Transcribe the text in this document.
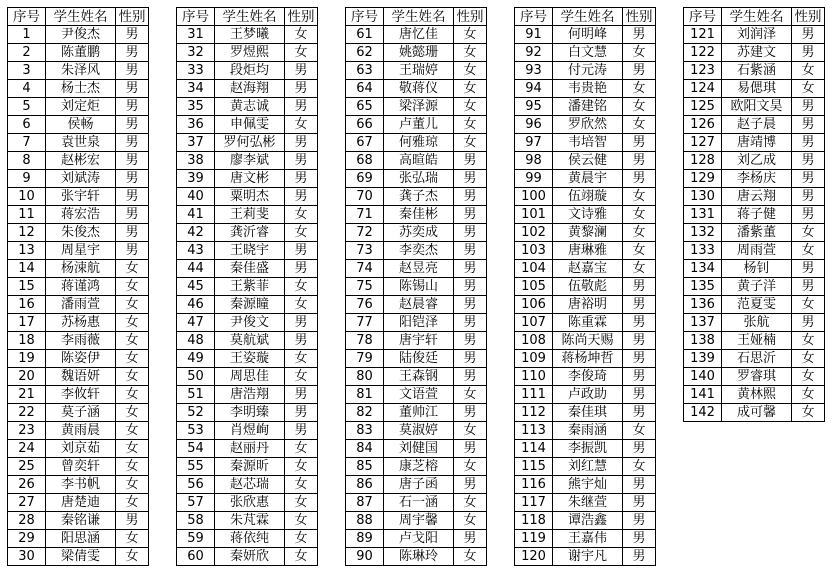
序号	学生姓名	性别
1	尹俊杰	男
2	陈董鹏	男
3	朱泽风	男
4	杨士杰	男
5	刘定炬	男
6	侯畅	男
7	袁世泉	男
8	赵彬宏	男
9	刘斌涛	男
10	张宇轩	男
11	蒋宏浩	男
12	朱俊杰	男
13	周星宇	男
14	杨涑航	女
15	蒋谨鸿	女
16	潘雨萱	女
17	苏杨惠	女
18	李雨薇	女
19	陈姿伊	女
20	魏语妍	女
21	李攸轩	女
22	莫子涵	女
23	黄雨晨	女
24	刘京茹	女
25	曾奕轩	女
26	李书帆	女
27	唐楚迪	女
28	秦铭谦	男
29	阳思涵	女
30	梁倩雯	女
序号	学生姓名	性别
31	王梦曦	女
32	罗煜熙	女
33	段炬均	男
34	赵海翔	男
35	黄志诚	男
36	申佩雯	女
37	罗何弘彬	男
38	廖李斌	男
39	唐文彬	男
40	粟明杰	男
41	王莉斐	女
42	龚沂睿	女
43	王晓宇	男
44	秦佳盛	男
45	王紫菲	女
46	秦源瞳	女
47	尹俊文	男
48	莫航斌	男
49	王姿璇	女
50	周思佳	女
51	唐浩翔	男
52	李明臻	男
53	肖煜峋	男
54	赵丽丹	女
55	秦源昕	女
56	赵芯瑞	女
57	张欣惠	女
58	朱芃霖	女
59	蒋依纯	女
60	秦妍欣	女
序号	学生姓名	性别
61	唐忆佳	女
62	姚懿珊	女
63	王瑞婷	女
64	敬蒋仪	女
65	梁泽源	女
66	卢董儿	女
67	何雅琼	女
68	高暄皓	男
69	张弘瑞	男
70	龚子杰	男
71	秦佳彬	男
72	苏奕成	男
73	李奕杰	男
74	赵昱亮	男
75	陈锡山	男
76	赵晨睿	男
77	阳铠泽	男
78	唐宇轩	男
79	陆俊廷	男
80	王森钢	男
81	文语萱	女
82	董帅江	男
83	莫淑婷	女
84	刘健国	男
85	康芝榕	女
86	唐子函	男
87	石一涵	女
88	周宇馨	女
89	卢戈阳	男
90	陈琳玲	女
序号	学生姓名	性别
91	何明峰	男
92	白文慧	女
93	付元涛	男
94	韦贵艳	女
95	潘建铭	女
96	罗欣然	女
97	韦培智	男
98	侯云健	男
99	黄晨宇	男
100	伍翊璇	女
101	文诗雅	女
102	黄黎澜	女
103	唐琳雅	女
104	赵嘉宝	女
105	伍敬彪	男
106	唐裕明	男
107	陈重霖	男
108	陈尚天赐	男
109	蒋杨坤哲	男
110	李俊琦	男
111	卢政助	男
112	秦佳琪	男
113	秦雨涵	女
114	李振凯	男
115	刘红慧	女
116	熊宇灿	男
117	朱继萱	男
118	谭浩鑫	男
119	王嘉伟	男
120	谢宇凡	男
序号	学生姓名	性别
121	刘润泽	男
122	苏建文	男
123	石紫涵	女
124	易偲琪	女
125	欧阳文昊	男
126	赵子晨	男
127	唐靖博	男
128	刘乙成	男
129	李杨庆	男
130	唐云翔	男
131	蒋子健	男
132	潘紫董	女
133	周雨萱	女
134	杨钊	男
135	黄子洋	男
136	范夏雯	女
137	张航	男
138	王娅楠	女
139	石思沂	女
140	罗睿琪	女
141	黄林熙	女
142	成可馨	女
